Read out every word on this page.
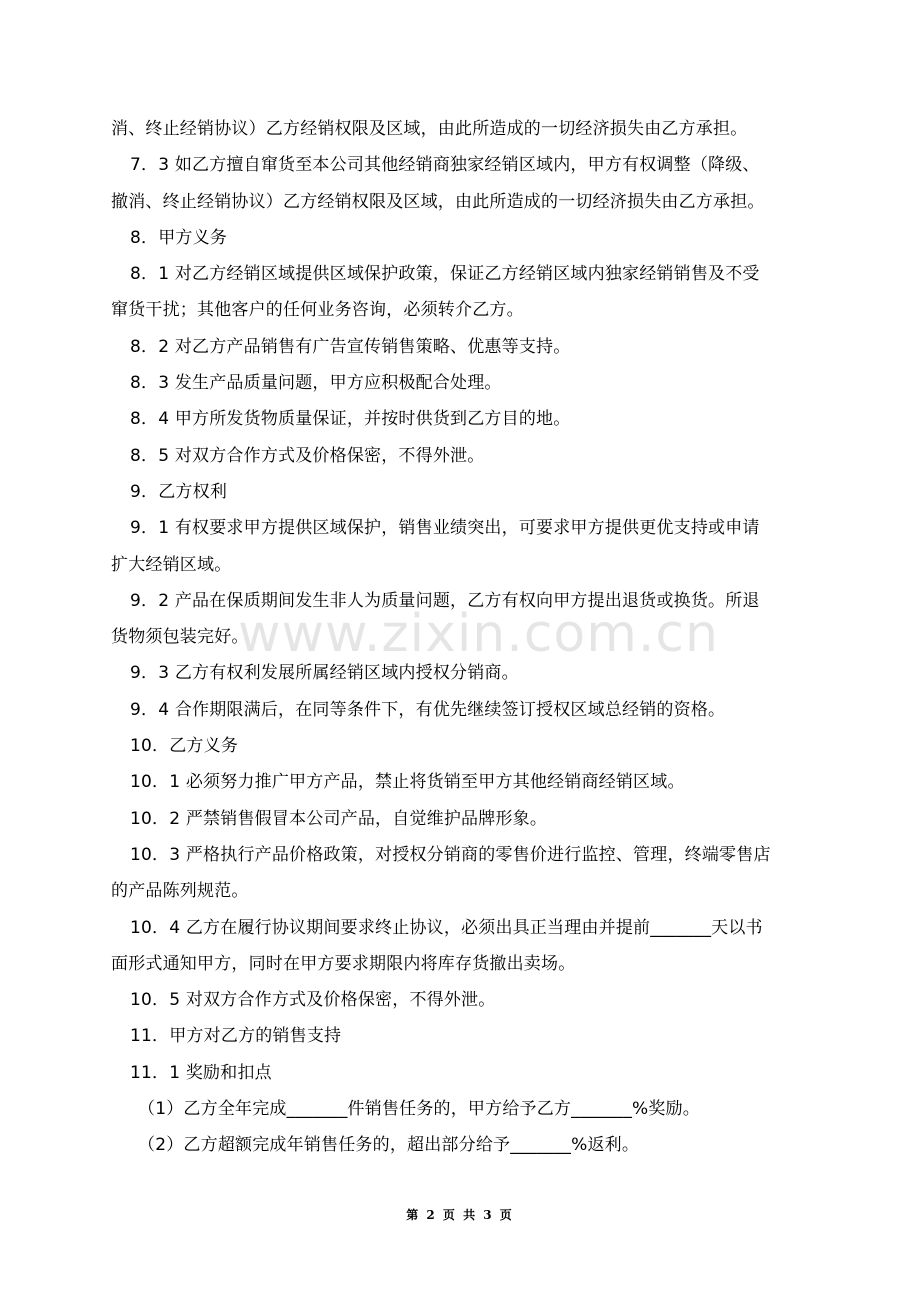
消、终止经销协议）乙方经销权限及区域，由此所造成的一切经济损失由乙方承担。
7．3 如乙方擅自窜货至本公司其他经销商独家经销区域内，甲方有权调整（降级、
撤消、终止经销协议）乙方经销权限及区域，由此所造成的一切经济损失由乙方承担。
8．甲方义务
8．1 对乙方经销区域提供区域保护政策，保证乙方经销区域内独家经销销售及不受
窜货干扰；其他客户的任何业务咨询，必须转介乙方。
8．2 对乙方产品销售有广告宣传销售策略、优惠等支持。
8．3 发生产品质量问题，甲方应积极配合处理。
8．4 甲方所发货物质量保证，并按时供货到乙方目的地。
8．5 对双方合作方式及价格保密，不得外泄。
9．乙方权利
9．1 有权要求甲方提供区域保护，销售业绩突出，可要求甲方提供更优支持或申请
扩大经销区域。
9．2 产品在保质期间发生非人为质量问题，乙方有权向甲方提出退货或换货。所退
货物须包装完好。
9．3 乙方有权利发展所属经销区域内授权分销商。
9．4 合作期限满后，在同等条件下，有优先继续签订授权区域总经销的资格。
10．乙方义务
10．1 必须努力推广甲方产品，禁止将货销至甲方其他经销商经销区域。
10．2 严禁销售假冒本公司产品，自觉维护品牌形象。
10．3 严格执行产品价格政策，对授权分销商的零售价进行监控、管理，终端零售店
的产品陈列规范。
10．4 乙方在履行协议期间要求终止协议，必须出具正当理由并提前_______天以书
面形式通知甲方，同时在甲方要求期限内将库存货撤出卖场。
10．5 对双方合作方式及价格保密，不得外泄。
11．甲方对乙方的销售支持
11．1 奖励和扣点
（1）乙方全年完成_______件销售任务的，甲方给予乙方_______%奖励。
（2）乙方超额完成年销售任务的，超出部分给予_______%返利。
www.zixin.com.cn
第 2 页 共 3 页
